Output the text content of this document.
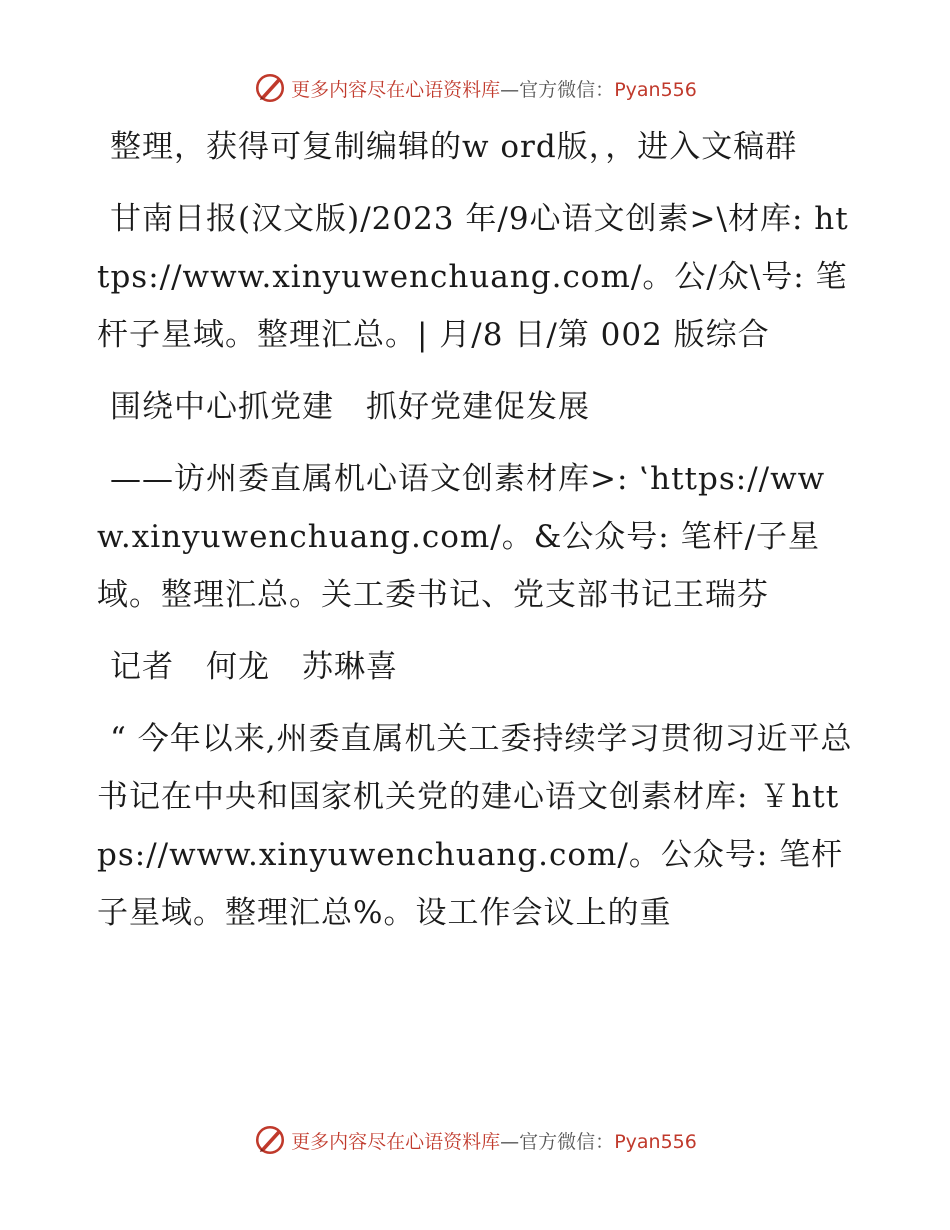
更多内容尽在心语资料库—官方微信：Pyan556

整理，获得可复制编辑的w ord版，，进入文稿群

甘南日报(汉文版)/2023 年/9心语文创素>\材库: https://www.xinyuwenchuang.com/。公/众\号: 笔杆子星域。整理汇总。| 月/8 日/第 002 版综合

围绕中心抓党建　抓好党建促发展

——访州委直属机心语文创素材库>: ‛https://www.xinyuwenchuang.com/。&公众号: 笔杆/子星域。整理汇总。关工委书记、党支部书记王瑞芬

记者　何龙　苏琳喜

“ 今年以来,州委直属机关工委持续学习贯彻习近平总书记在中央和国家机关党的建心语文创素材库: ￥https://www.xinyuwenchuang.com/。公众号: 笔杆子星域。整理汇总%。设工作会议上的重

更多内容尽在心语资料库—官方微信：Pyan556
